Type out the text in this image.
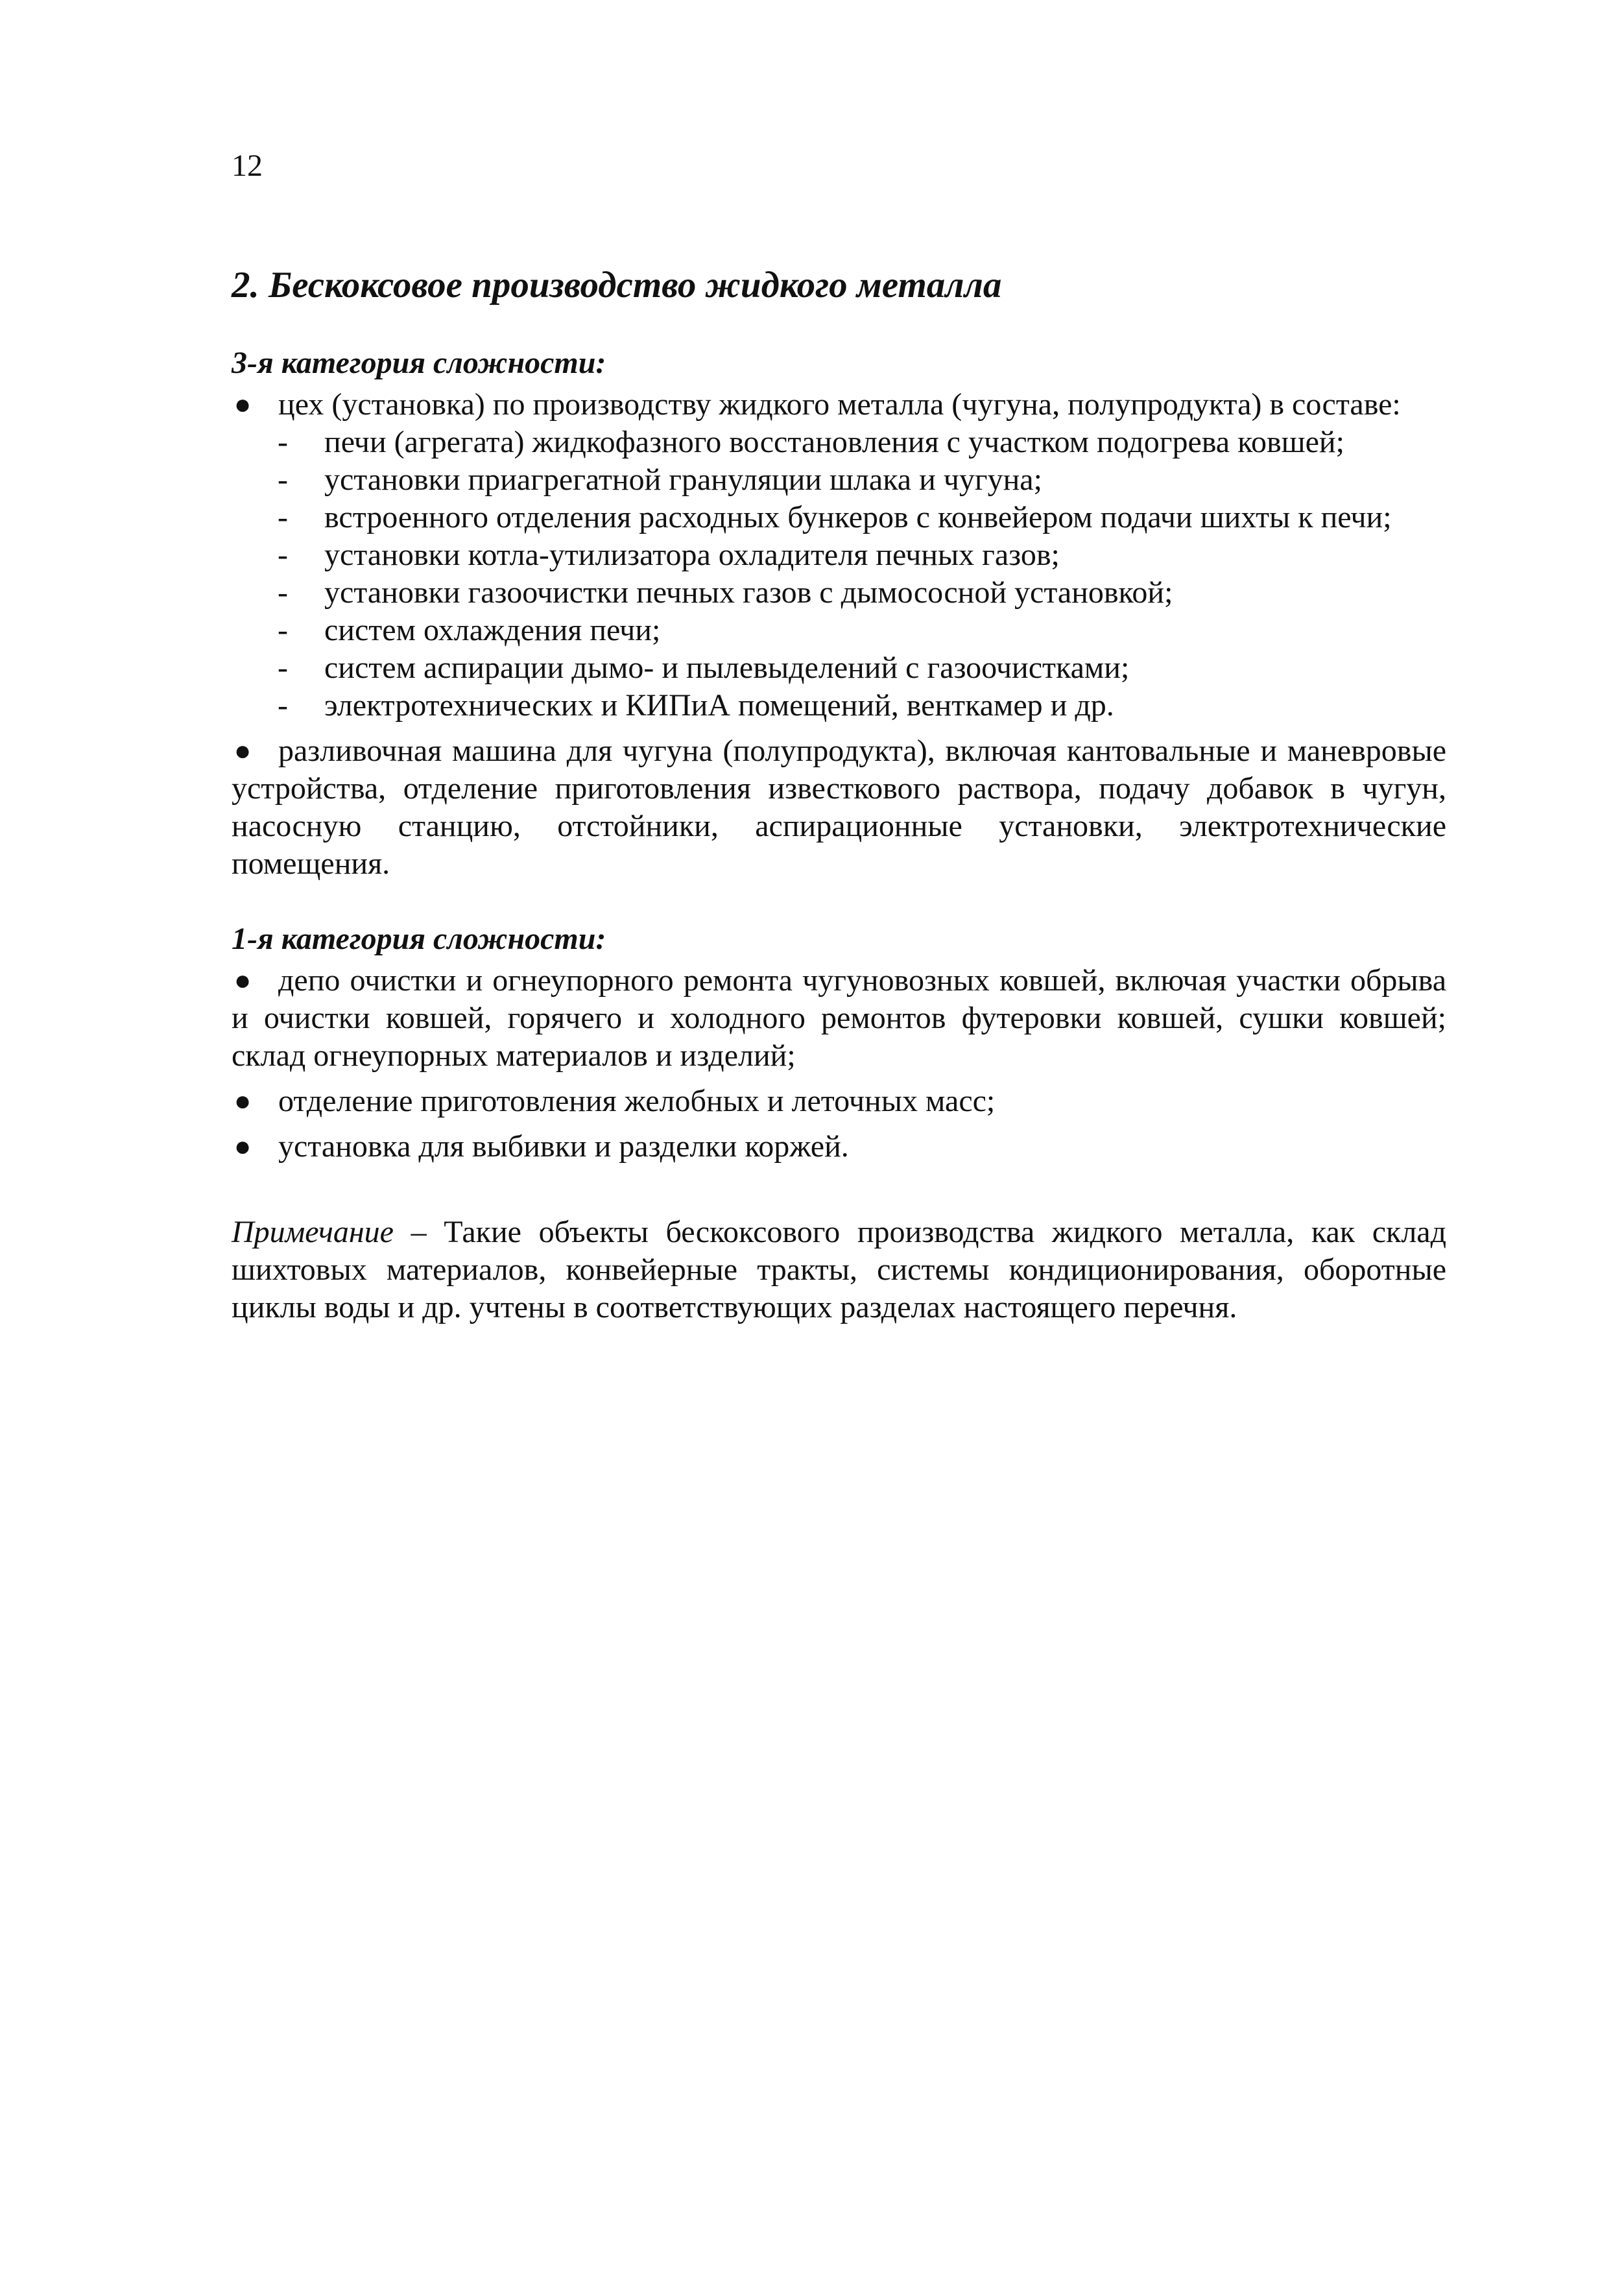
12
2. Бескоксовое производство жидкого металла
3-я категория сложности:
● цех (установка) по производству жидкого металла (чугуна, полупродукта) в составе:
- печи (агрегата) жидкофазного восстановления с участком подогрева ковшей;
- установки приагрегатной грануляции шлака и чугуна;
- встроенного отделения расходных бункеров с конвейером подачи шихты к печи;
- установки котла-утилизатора охладителя печных газов;
- установки газоочистки печных газов с дымососной установкой;
- систем охлаждения печи;
- систем аспирации дымо- и пылевыделений с газоочистками;
- электротехнических и КИПиА помещений, венткамер и др.
● разливочная машина для чугуна (полупродукта), включая кантовальные и маневровые устройства, отделение приготовления известкового раствора, подачу добавок в чугун, насосную станцию, отстойники, аспирационные установки, электротехнические помещения.
1-я категория сложности:
● депо очистки и огнеупорного ремонта чугуновозных ковшей, включая участки обрыва и очистки ковшей, горячего и холодного ремонтов футеровки ковшей, сушки ковшей; склад огнеупорных материалов и изделий;
● отделение приготовления желобных и леточных масс;
● установка для выбивки и разделки коржей.

Примечание – Такие объекты бескоксового производства жидкого металла, как склад шихтовых материалов, конвейерные тракты, системы кондиционирования, оборотные циклы воды и др. учтены в соответствующих разделах настоящего перечня.
